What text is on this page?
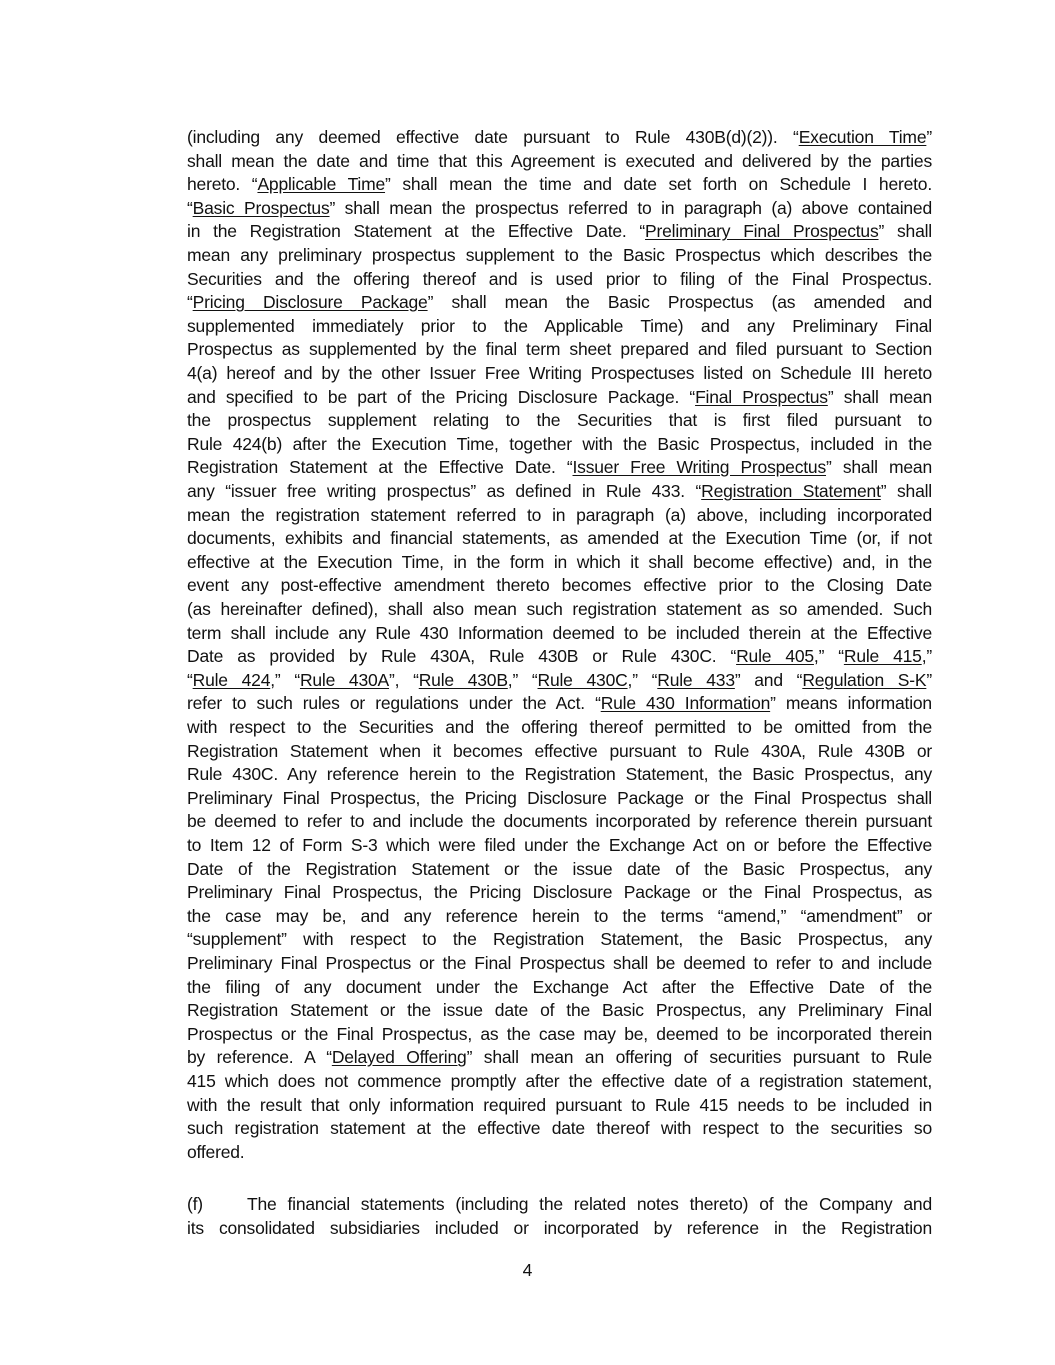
(including any deemed effective date pursuant to Rule 430B(d)(2)). “Execution Time”
shall mean the date and time that this Agreement is executed and delivered by the parties
hereto. “Applicable Time” shall mean the time and date set forth on Schedule I hereto.
“Basic Prospectus” shall mean the prospectus referred to in paragraph (a) above contained
in the Registration Statement at the Effective Date. “Preliminary Final Prospectus” shall
mean any preliminary prospectus supplement to the Basic Prospectus which describes the
Securities and the offering thereof and is used prior to filing of the Final Prospectus.
“Pricing Disclosure Package” shall mean the Basic Prospectus (as amended and
supplemented immediately prior to the Applicable Time) and any Preliminary Final
Prospectus as supplemented by the final term sheet prepared and filed pursuant to Section
4(a) hereof and by the other Issuer Free Writing Prospectuses listed on Schedule III hereto
and specified to be part of the Pricing Disclosure Package. “Final Prospectus” shall mean
the prospectus supplement relating to the Securities that is first filed pursuant to
Rule 424(b) after the Execution Time, together with the Basic Prospectus, included in the
Registration Statement at the Effective Date. “Issuer Free Writing Prospectus” shall mean
any “issuer free writing prospectus” as defined in Rule 433. “Registration Statement” shall
mean the registration statement referred to in paragraph (a) above, including incorporated
documents, exhibits and financial statements, as amended at the Execution Time (or, if not
effective at the Execution Time, in the form in which it shall become effective) and, in the
event any post-effective amendment thereto becomes effective prior to the Closing Date
(as hereinafter defined), shall also mean such registration statement as so amended. Such
term shall include any Rule 430 Information deemed to be included therein at the Effective
Date as provided by Rule 430A, Rule 430B or Rule 430C. “Rule 405,” “Rule 415,”
“Rule 424,” “Rule 430A”, “Rule 430B,” “Rule 430C,” “Rule 433” and “Regulation S-K”
refer to such rules or regulations under the Act. “Rule 430 Information” means information
with respect to the Securities and the offering thereof permitted to be omitted from the
Registration Statement when it becomes effective pursuant to Rule 430A, Rule 430B or
Rule 430C. Any reference herein to the Registration Statement, the Basic Prospectus, any
Preliminary Final Prospectus, the Pricing Disclosure Package or the Final Prospectus shall
be deemed to refer to and include the documents incorporated by reference therein pursuant
to Item 12 of Form S-3 which were filed under the Exchange Act on or before the Effective
Date of the Registration Statement or the issue date of the Basic Prospectus, any
Preliminary Final Prospectus, the Pricing Disclosure Package or the Final Prospectus, as
the case may be, and any reference herein to the terms “amend,” “amendment” or
“supplement” with respect to the Registration Statement, the Basic Prospectus, any
Preliminary Final Prospectus or the Final Prospectus shall be deemed to refer to and include
the filing of any document under the Exchange Act after the Effective Date of the
Registration Statement or the issue date of the Basic Prospectus, any Preliminary Final
Prospectus or the Final Prospectus, as the case may be, deemed to be incorporated therein
by reference. A “Delayed Offering” shall mean an offering of securities pursuant to Rule
415 which does not commence promptly after the effective date of a registration statement,
with the result that only information required pursuant to Rule 415 needs to be included in
such registration statement at the effective date thereof with respect to the securities so
offered.
(f)	The financial statements (including the related notes thereto) of the Company and
its consolidated subsidiaries included or incorporated by reference in the Registration
4
